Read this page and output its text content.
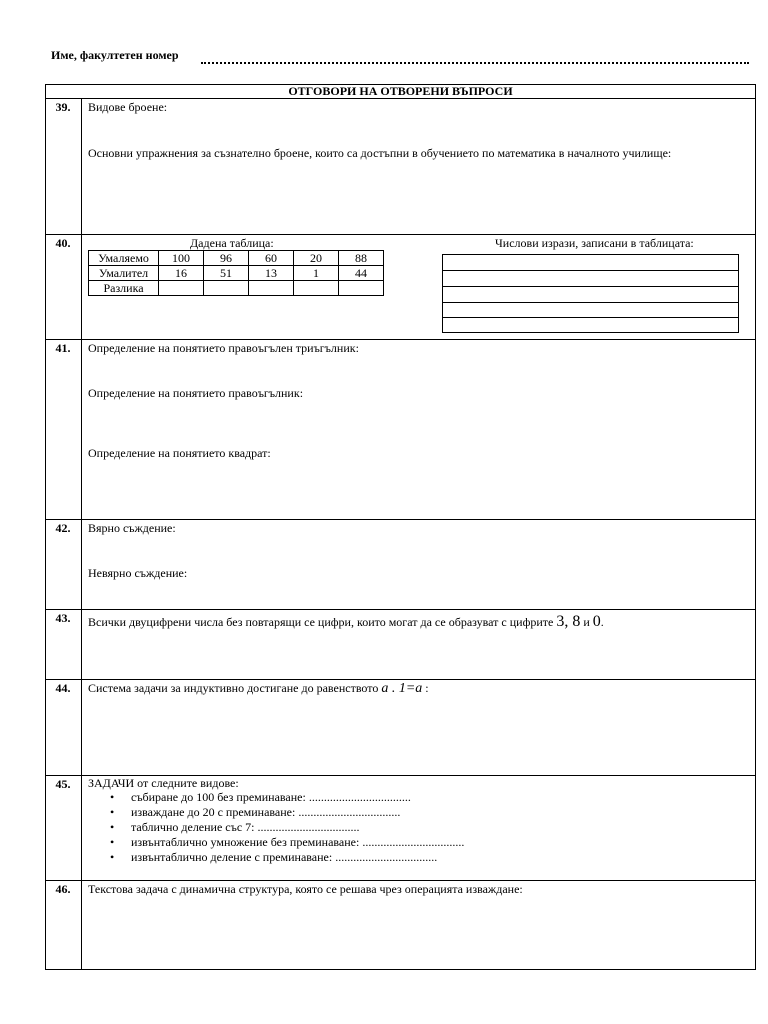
Име, факултетен номер
ОТГОВОРИ НА ОТВОРЕНИ ВЪПРОСИ
39.	Видове броене:
Основни упражнения за съзнателно броене, които са достъпни в обучението по математика в началното училище:
40.	Дадена таблица:	Числови изрази, записани в таблицата:
Умаляемо	100	96	60	20	88
Умалител	16	51	13	1	44
Разлика					
41.	Определение на понятието правоъгълен триъгълник:
Определение на понятието правоъгълник:
Определение на понятието квадрат:
42.	Вярно съждение:
Невярно съждение:
43.	Всички двуцифрени числа без повтарящи се цифри, които могат да се образуват с цифрите 3, 8 и 0.
44.	Система задачи за индуктивно достигане до равенството a . 1=a :
45.	ЗАДАЧИ от следните видове:
• събиране до 100 без преминаване: ..................................
• изваждане до 20 с преминаване: ..................................
• таблично деление със 7: ..................................
• извънтаблично умножение без преминаване: ..................................
• извънтаблично деление с преминаване: ..................................
46.	Текстова задача с динамична структура, която се решава чрез операцията изваждане:
